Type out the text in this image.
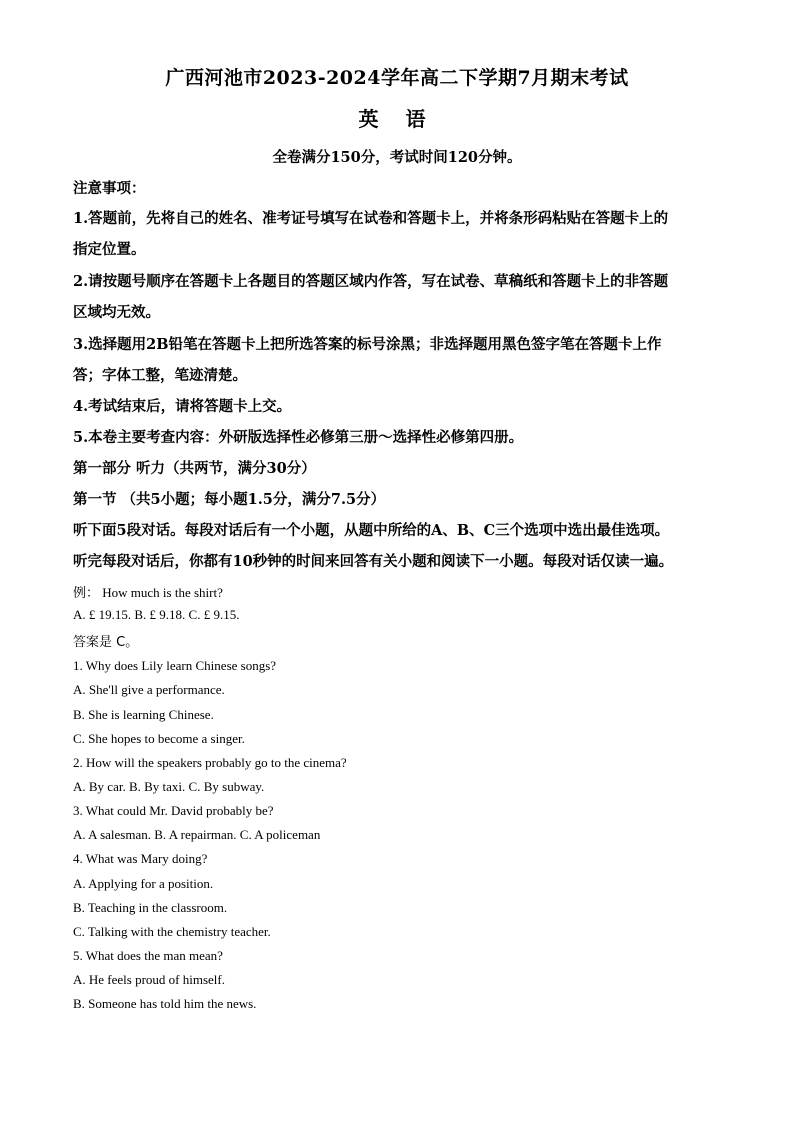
广西河池市2023-2024学年高二下学期7月期末考试
英 语
全卷满分150分，考试时间120分钟。
注意事项：
1.答题前，先将自己的姓名、准考证号填写在试卷和答题卡上，并将条形码粘贴在答题卡上的
指定位置。
2.请按题号顺序在答题卡上各题目的答题区域内作答，写在试卷、草稿纸和答题卡上的非答题
区域均无效。
3.选择题用2B铅笔在答题卡上把所选答案的标号涂黑；非选择题用黑色签字笔在答题卡上作
答；字体工整，笔迹清楚。
4.考试结束后，请将答题卡上交。
5.本卷主要考查内容：外研版选择性必修第三册～选择性必修第四册。
第一部分 听力（共两节，满分30分）
第一节 （共5小题；每小题1.5分，满分7.5分）
听下面5段对话。每段对话后有一个小题，从题中所给的A、B、C三个选项中选出最佳选项。
听完每段对话后，你都有10秒钟的时间来回答有关小题和阅读下一小题。每段对话仅读一遍。
例： How much is the shirt?
A. £ 19.15. B. £ 9.18. C. £ 9.15.
答案是 C。
1. Why does Lily learn Chinese songs?
A. She'll give a performance.
B. She is learning Chinese.
C. She hopes to become a singer.
2. How will the speakers probably go to the cinema?
A. By car. B. By taxi. C. By subway.
3. What could Mr. David probably be?
A. A salesman. B. A repairman. C. A policeman
4. What was Mary doing?
A. Applying for a position.
B. Teaching in the classroom.
C. Talking with the chemistry teacher.
5. What does the man mean?
A. He feels proud of himself.
B. Someone has told him the news.
